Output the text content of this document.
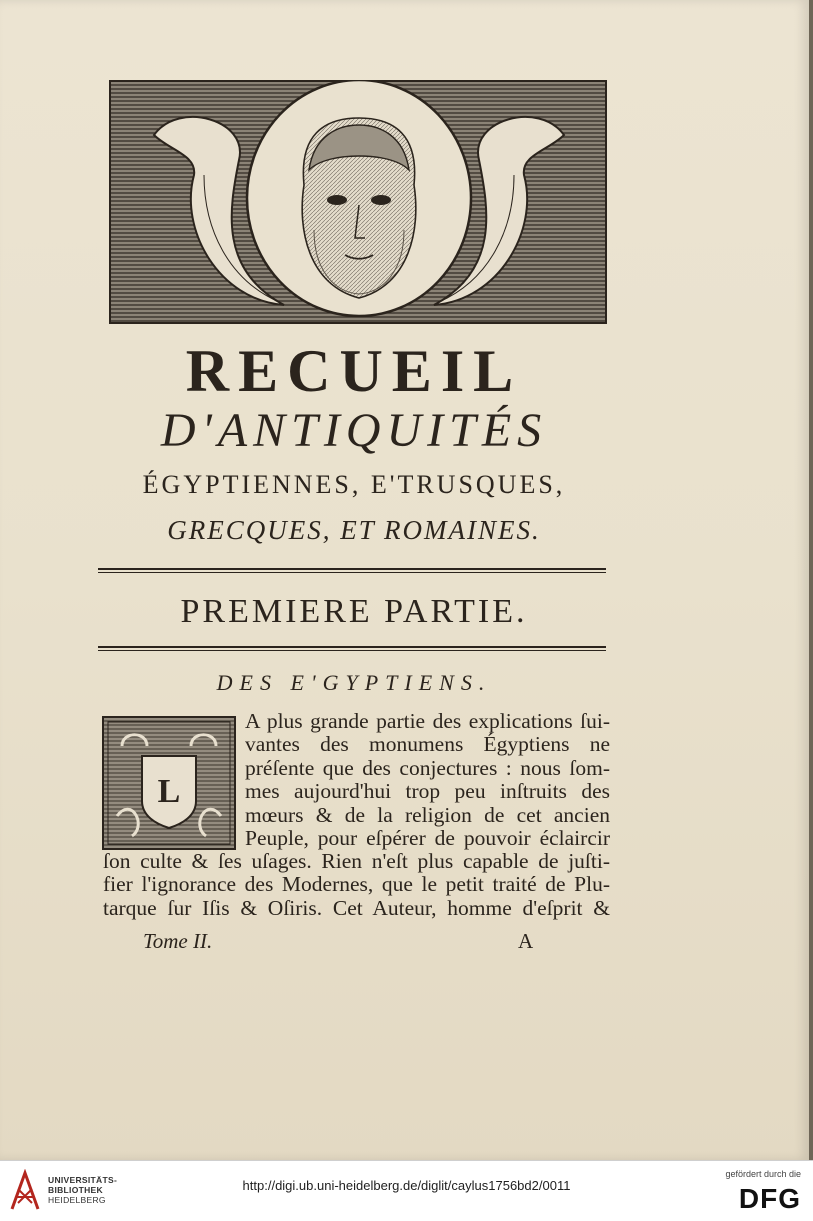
RECUEIL
D'ANTIQUITÉS
ÉGYPTIENNES, E'TRUSQUES,
GRECQUES, ET ROMAINES.
PREMIERE PARTIE.
DES E'GYPTIENS.
L
A plus grande partie des explications ſui-
vantes des monumens Égyptiens ne
préſente que des conjectures : nous ſom-
mes aujourd'hui trop peu inſtruits des
mœurs & de la religion de cet ancien
Peuple, pour eſpérer de pouvoir éclaircir
ſon culte & ſes uſages. Rien n'eſt plus capable de juſti-
fier l'ignorance des Modernes, que le petit traité de Plu-
tarque ſur Iſis & Oſiris. Cet Auteur, homme d'eſprit &
Tome II.	A
UNIVERSITÄTS-
BIBLIOTHEK
HEIDELBERG
http://digi.ub.uni-heidelberg.de/diglit/caylus1756bd2/0011
gefördert durch die
DFG
